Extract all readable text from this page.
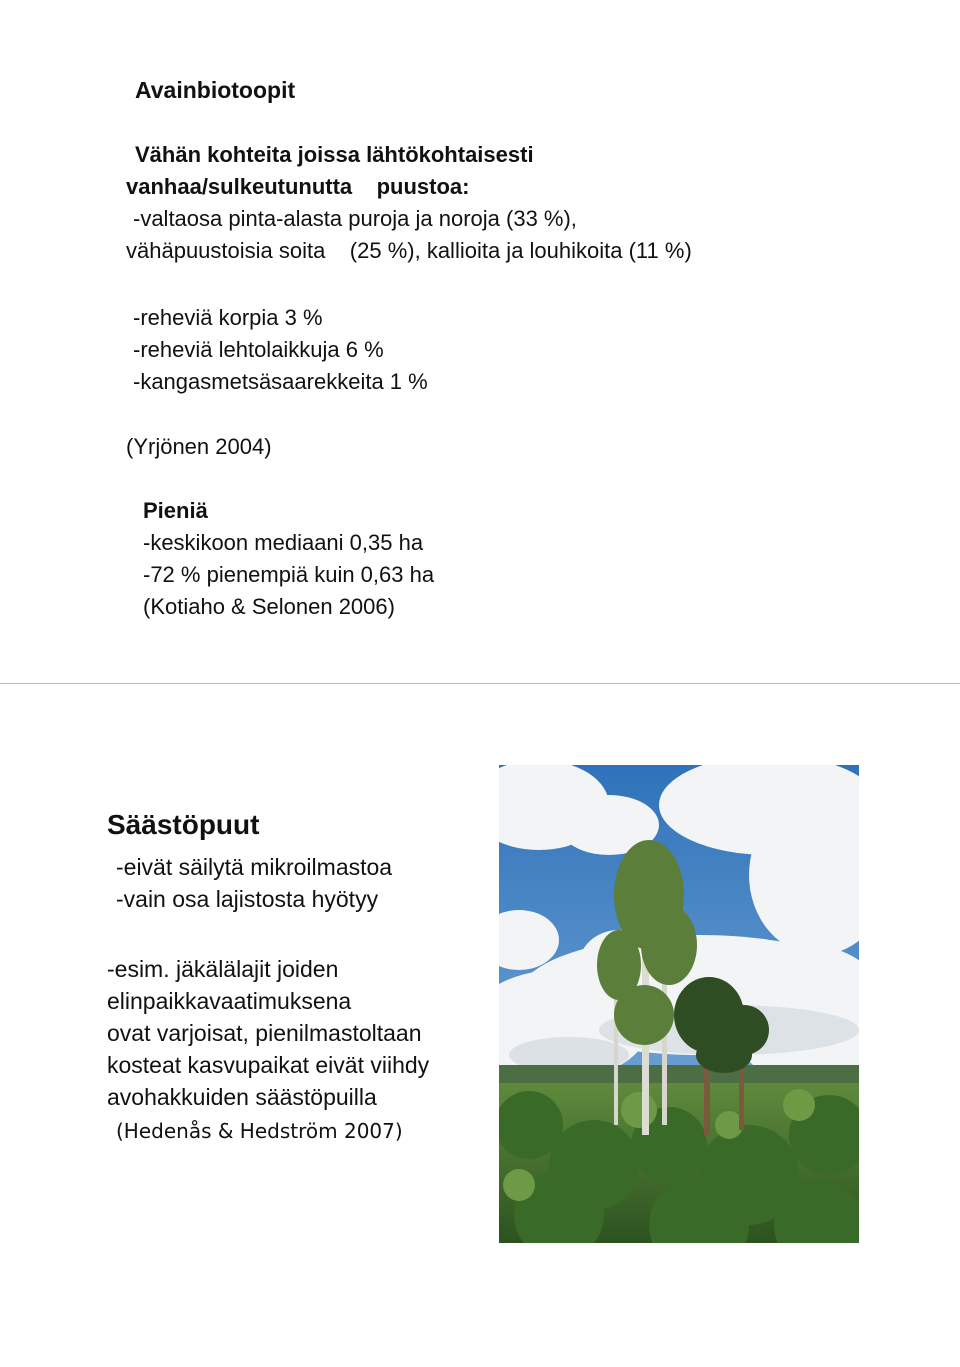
Avainbiotoopit
Vähän kohteita joissa lähtökohtaisesti
vanhaa/sulkeutunutta    puustoa:
-valtaosa pinta-alasta puroja ja noroja (33 %),
vähäpuustoisia soita    (25 %), kallioita ja louhikoita (11 %)
-reheviä korpia 3 %
-reheviä lehtolaikkuja 6 %
-kangasmetsäsaarekkeita 1 %
(Yrjönen 2004)
Pieniä
-keskikoon mediaani 0,35 ha
-72 % pienempiä kuin 0,63 ha
(Kotiaho & Selonen 2006)
Säästöpuut
-eivät säilytä mikroilmastoa
-vain osa lajistosta hyötyy
-esim. jäkälälajit joiden
elinpaikkavaatimuksena
ovat varjoisat, pienilmastoltaan
kosteat kasvupaikat eivät viihdy
avohakkuiden säästöpuilla
(Hedenås & Hedström 2007)
